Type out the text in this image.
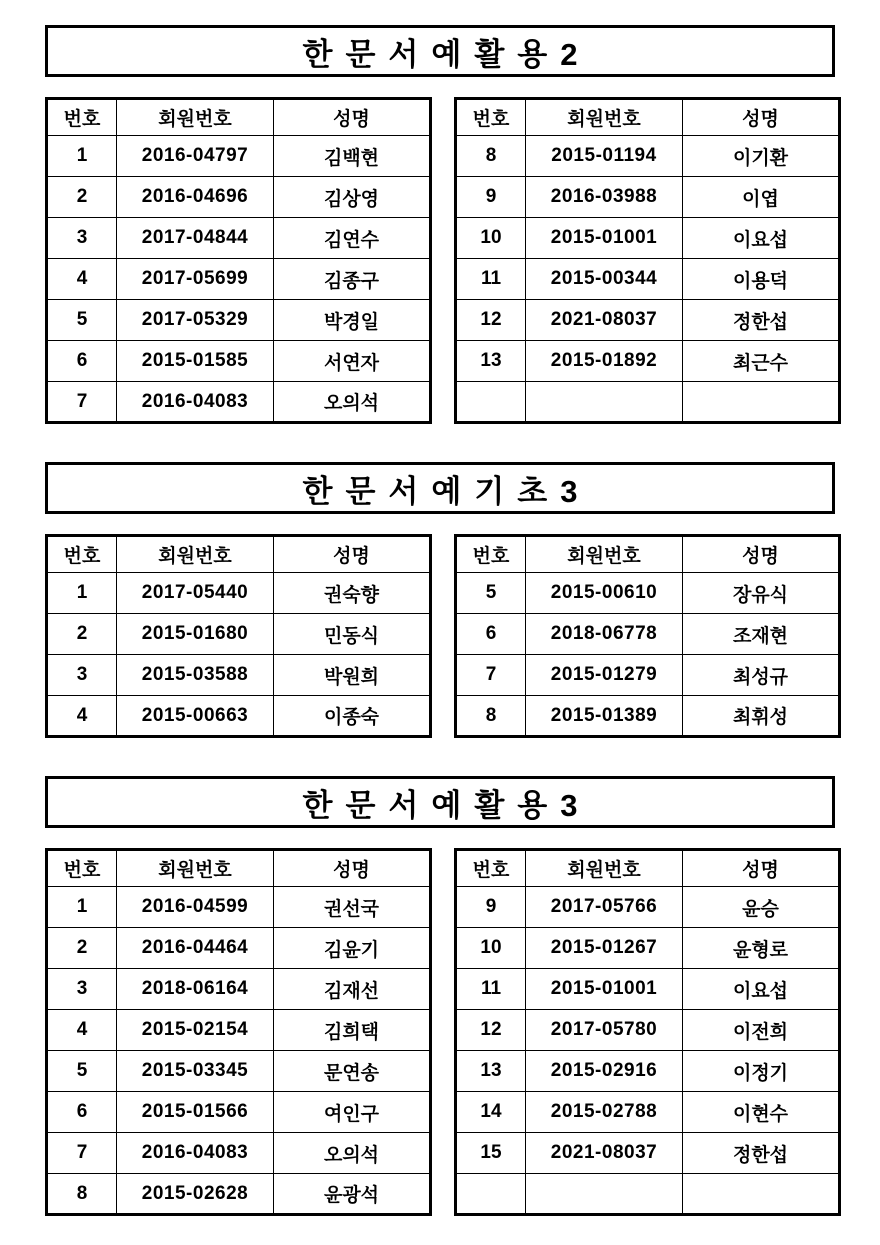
한문서예활용2
번호	회원번호	성명
1	2016-04797	김백현
2	2016-04696	김상영
3	2017-04844	김연수
4	2017-05699	김종구
5	2017-05329	박경일
6	2015-01585	서연자
7	2016-04083	오의석
번호	회원번호	성명
8	2015-01194	이기환
9	2016-03988	이엽
10	2015-01001	이요섭
11	2015-00344	이용덕
12	2021-08037	정한섭
13	2015-01892	최근수

한문서예기초3
번호	회원번호	성명
1	2017-05440	권숙향
2	2015-01680	민동식
3	2015-03588	박원희
4	2015-00663	이종숙
번호	회원번호	성명
5	2015-00610	장유식
6	2018-06778	조재현
7	2015-01279	최성규
8	2015-01389	최휘성
한문서예활용3
번호	회원번호	성명
1	2016-04599	권선국
2	2016-04464	김윤기
3	2018-06164	김재선
4	2015-02154	김희택
5	2015-03345	문연송
6	2015-01566	여인구
7	2016-04083	오의석
8	2015-02628	윤광석
번호	회원번호	성명
9	2017-05766	윤승
10	2015-01267	윤형로
11	2015-01001	이요섭
12	2017-05780	이전희
13	2015-02916	이정기
14	2015-02788	이현수
15	2021-08037	정한섭
